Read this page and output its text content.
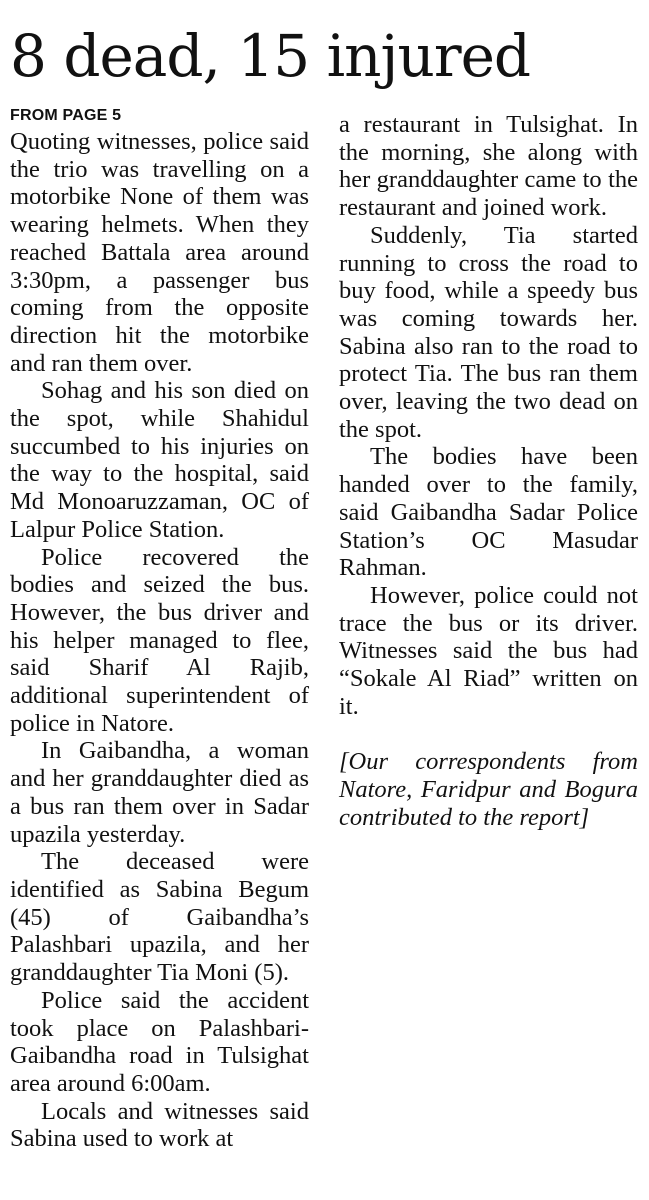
8 dead, 15 injured
FROM PAGE 5

Quoting witnesses, police said the trio was travelling on a motorbike None of them was wearing helmets. When they reached Battala area around 3:30pm, a passenger bus coming from the opposite direction hit the motorbike and ran them over.

Sohag and his son died on the spot, while Shahidul succumbed to his injuries on the way to the hospital, said Md Monoaruzzaman, OC of Lalpur Police Station.

Police recovered the bodies and seized the bus. However, the bus driver and his helper managed to flee, said Sharif Al Rajib, additional superintendent of police in Natore.

In Gaibandha, a woman and her granddaughter died as a bus ran them over in Sadar upazila yesterday.

The deceased were identified as Sabina Begum (45) of Gaibandha’s Palashbari upazila, and her granddaughter Tia Moni (5).

Police said the accident took place on Palashbari-Gaibandha road in Tulsighat area around 6:00am.

Locals and witnesses said Sabina used to work at

a restaurant in Tulsighat. In the morning, she along with her granddaughter came to the restaurant and joined work.

Suddenly, Tia started running to cross the road to buy food, while a speedy bus was coming towards her. Sabina also ran to the road to protect Tia. The bus ran them over, leaving the two dead on the spot.

The bodies have been handed over to the family, said Gaibandha Sadar Police Station’s OC Masudar Rahman.

However, police could not trace the bus or its driver. Witnesses said the bus had “Sokale Al Riad” written on it.

[Our correspondents from Natore, Faridpur and Bogura contributed to the report]
